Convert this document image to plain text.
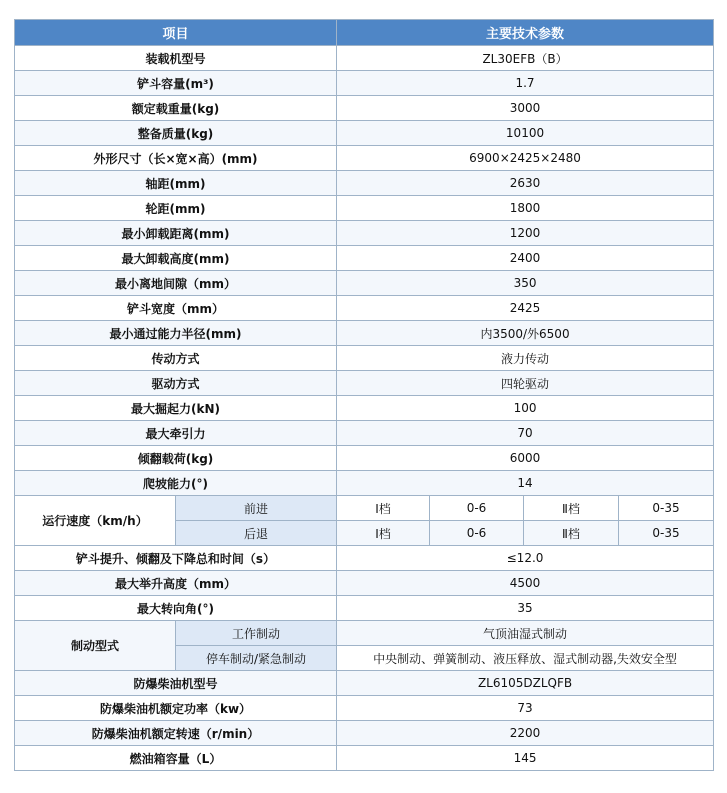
项目		主要技术参数			
装载机型号		ZL30EFB（B）			
铲斗容量(m³)		1.7			
额定载重量(kg)		3000			
整备质量(kg)		10100			
外形尺寸（长×宽×高）(mm)		6900×2425×2480			
轴距(mm)		2630			
轮距(mm)		1800			
最小卸载距离(mm)		1200			
最大卸载高度(mm)		2400			
最小离地间隙（mm）		350			
铲斗宽度（mm）		2425			
最小通过能力半径(mm)		内3500/外6500			
传动方式		液力传动			
驱动方式		四轮驱动			
最大掘起力(kN)		100			
最大牵引力		70			
倾翻载荷(kg)		6000			
爬坡能力(°)		14			
运行速度（km/h）	前进	Ⅰ档	0-6	Ⅱ档	0-35
	后退	Ⅰ档	0-6	Ⅱ档	0-35
铲斗提升、倾翻及下降总和时间（s）		≤12.0			
最大举升高度（mm）		4500			
最大转向角(°)		35			
制动型式	工作制动	气顶油湿式制动			
	停车制动/紧急制动	中央制动、弹簧制动、液压释放、湿式制动器,失效安全型			
防爆柴油机型号		ZL6105DZLQFB			
防爆柴油机额定功率（kw）		73			
防爆柴油机额定转速（r/min）		2200			
燃油箱容量（L）		145			
